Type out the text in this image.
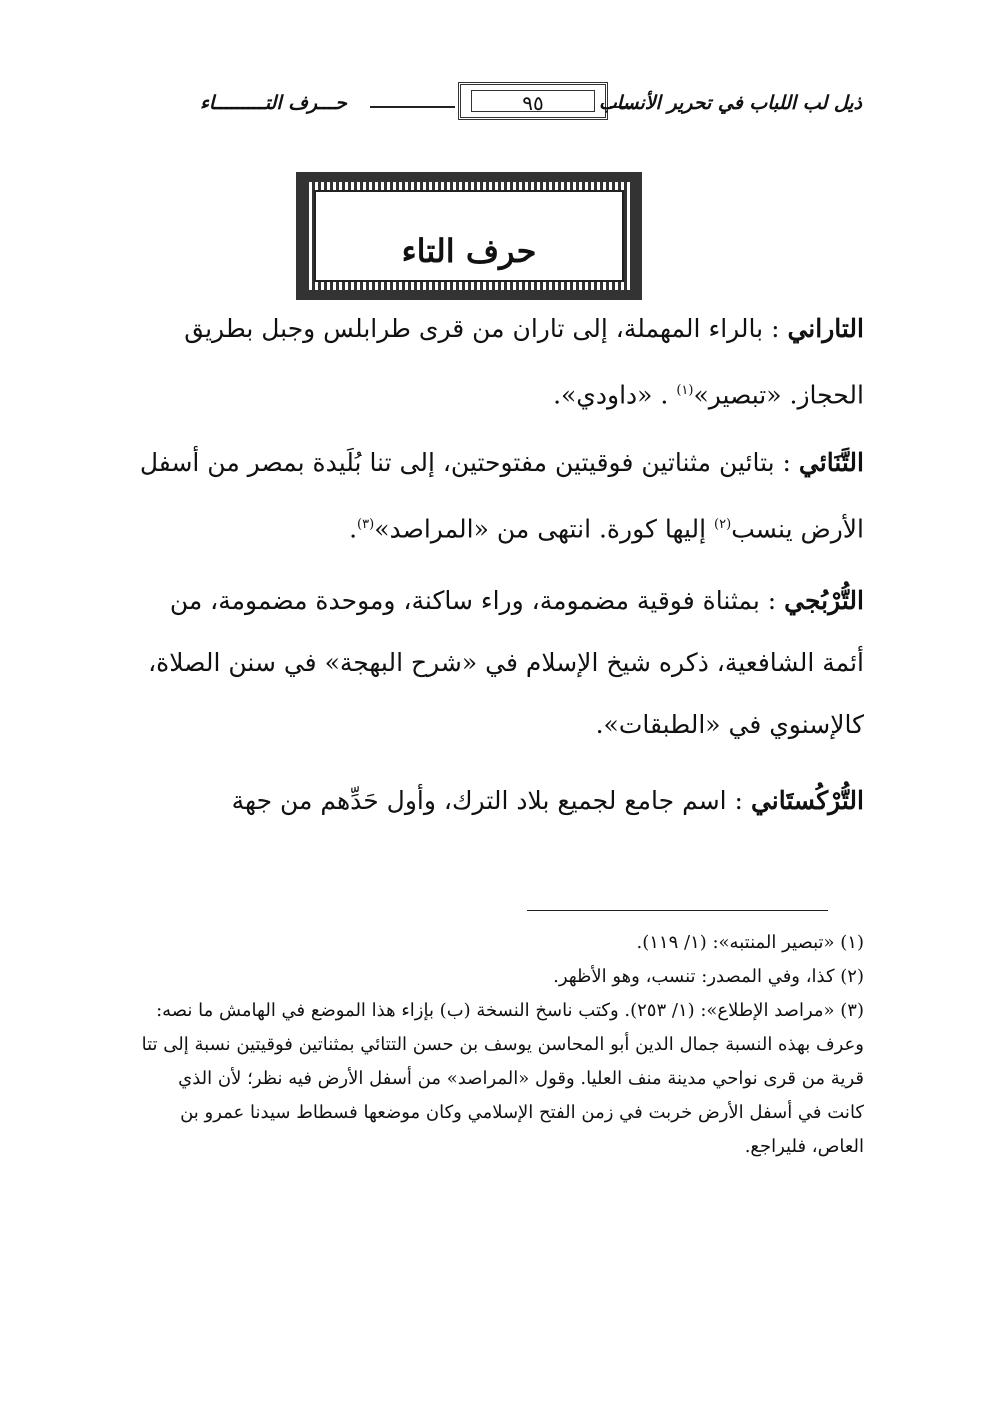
حـــرف التـــــــــاء	٩٥	ذيل لب اللباب في تحرير الأنساب
حرف التاء
التاراني : بالراء المهملة، إلى تاران من قرى طرابلس وجبل بطريق الحجاز. «تبصير»$^{(١)}$ . «داودي».
التَّنَائي : بتائين مثناتين فوقيتين مفتوحتين، إلى تنا بُلَيدة بمصر من أسفل الأرض ينسب$^{(٢)}$ إليها كورة. انتهى من «المراصد»$^{(٣)}$.
التُّرْبُجي : بمثناة فوقية مضمومة، وراء ساكنة، وموحدة مضمومة، من أئمة الشافعية، ذكره شيخ الإسلام في «شرح البهجة» في سنن الصلاة، كالإسنوي في «الطبقات».
التُّرْكُستَاني : اسم جامع لجميع بلاد الترك، وأول حَدِّهم من جهة

(١) «تبصير المنتبه»: (١/ ١١٩).

(٢) كذا، وفي المصدر: تنسب، وهو الأظهر.

(٣) «مراصد الإطلاع»: (١/ ٢٥٣). وكتب ناسخ النسخة (ب) بإزاء هذا الموضع في الهامش ما نصه: وعرف بهذه النسبة جمال الدين أبو المحاسن يوسف بن حسن التتائي بمثناتين فوقيتين نسبة إلى تتا قرية من قرى نواحي مدينة منف العليا. وقول «المراصد» من أسفل الأرض فيه نظر؛ لأن الذي كانت في أسفل الأرض خربت في زمن الفتح الإسلامي وكان موضعها فسطاط سيدنا عمرو بن العاص، فليراجع.
